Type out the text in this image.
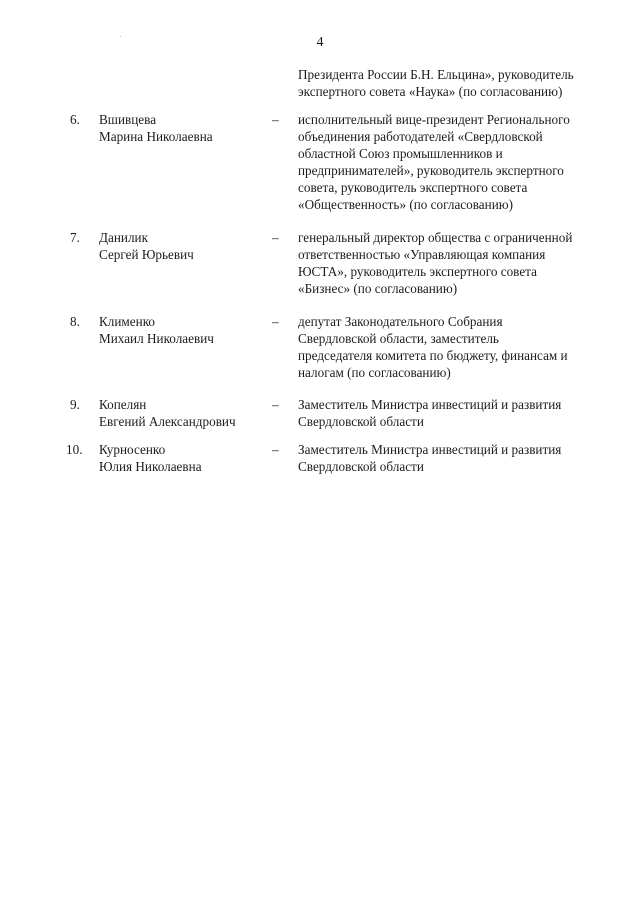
4
Президента России Б.Н. Ельцина», руководитель
экспертного совета «Наука» (по согласованию)
6. Вшивцева
Марина Николаевна
– исполнительный вице-президент Регионального
объединения работодателей «Свердловской
областной Союз промышленников и
предпринимателей», руководитель экспертного
совета, руководитель экспертного совета
«Общественность» (по согласованию)
7. Данилик
Сергей Юрьевич
– генеральный директор общества с ограниченной
ответственностью «Управляющая компания
ЮСТА», руководитель экспертного совета
«Бизнес» (по согласованию)
8. Клименко
Михаил Николаевич
– депутат Законодательного Собрания
Свердловской области, заместитель
председателя комитета по бюджету, финансам и
налогам (по согласованию)
9. Копелян
Евгений Александрович
– Заместитель Министра инвестиций и развития
Свердловской области
10. Курносенко
Юлия Николаевна
– Заместитель Министра инвестиций и развития
Свердловской области
